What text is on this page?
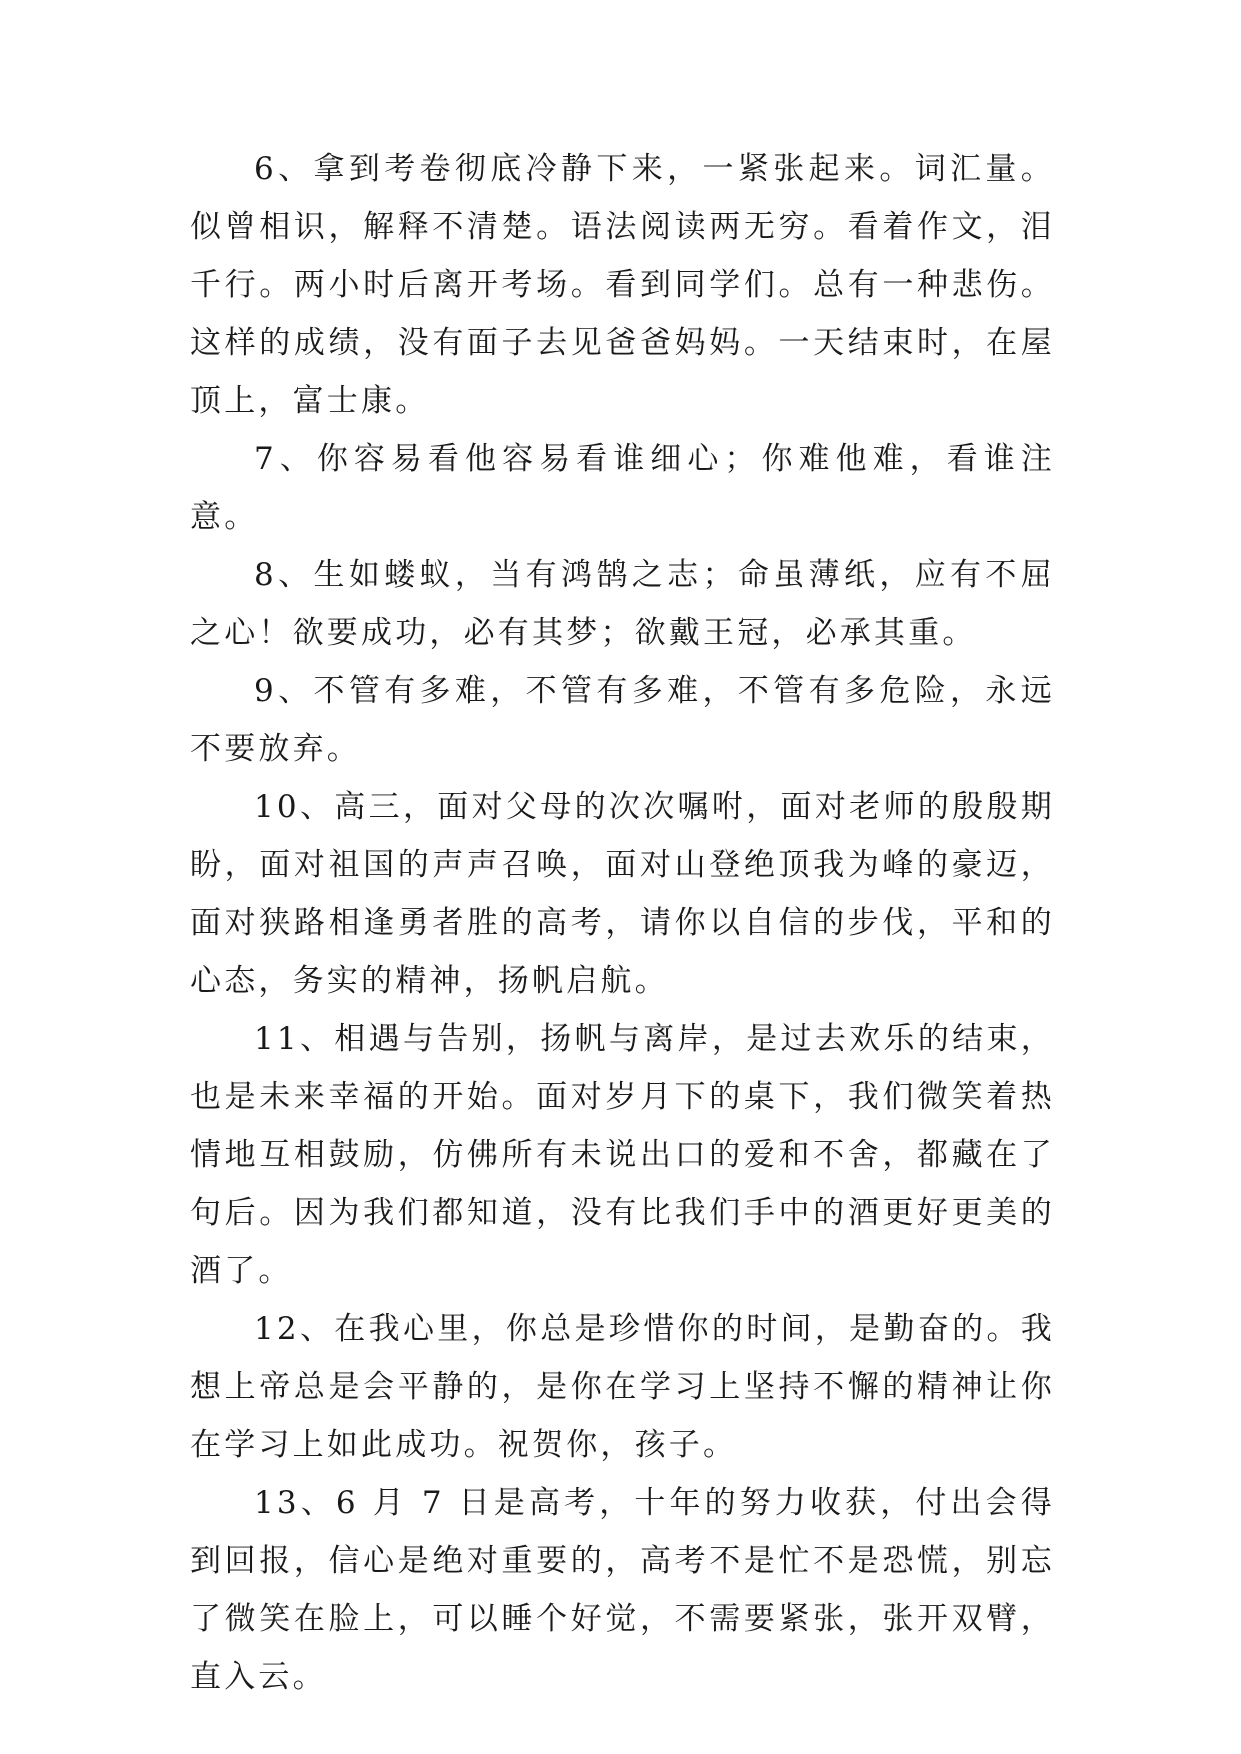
6、拿到考卷彻底冷静下来，一紧张起来。词汇量。似曾相识，解释不清楚。语法阅读两无穷。看着作文，泪千行。两小时后离开考场。看到同学们。总有一种悲伤。这样的成绩，没有面子去见爸爸妈妈。一天结束时，在屋顶上，富士康。

7、你容易看他容易看谁细心；你难他难，看谁注意。

8、生如蝼蚁，当有鸿鹄之志；命虽薄纸，应有不屈之心！欲要成功，必有其梦；欲戴王冠，必承其重。

9、不管有多难，不管有多难，不管有多危险，永远不要放弃。

10、高三，面对父母的次次嘱咐，面对老师的殷殷期盼，面对祖国的声声召唤，面对山登绝顶我为峰的豪迈，面对狭路相逢勇者胜的高考，请你以自信的步伐，平和的心态，务实的精神，扬帆启航。

11、相遇与告别，扬帆与离岸，是过去欢乐的结束，也是未来幸福的开始。面对岁月下的桌下，我们微笑着热情地互相鼓励，仿佛所有未说出口的爱和不舍，都藏在了句后。因为我们都知道，没有比我们手中的酒更好更美的酒了。

12、在我心里，你总是珍惜你的时间，是勤奋的。我想上帝总是会平静的，是你在学习上坚持不懈的精神让你在学习上如此成功。祝贺你，孩子。

13、6 月 7 日是高考，十年的努力收获，付出会得到回报，信心是绝对重要的，高考不是忙不是恐慌，别忘了微笑在脸上，可以睡个好觉，不需要紧张，张开双臂，直入云。
